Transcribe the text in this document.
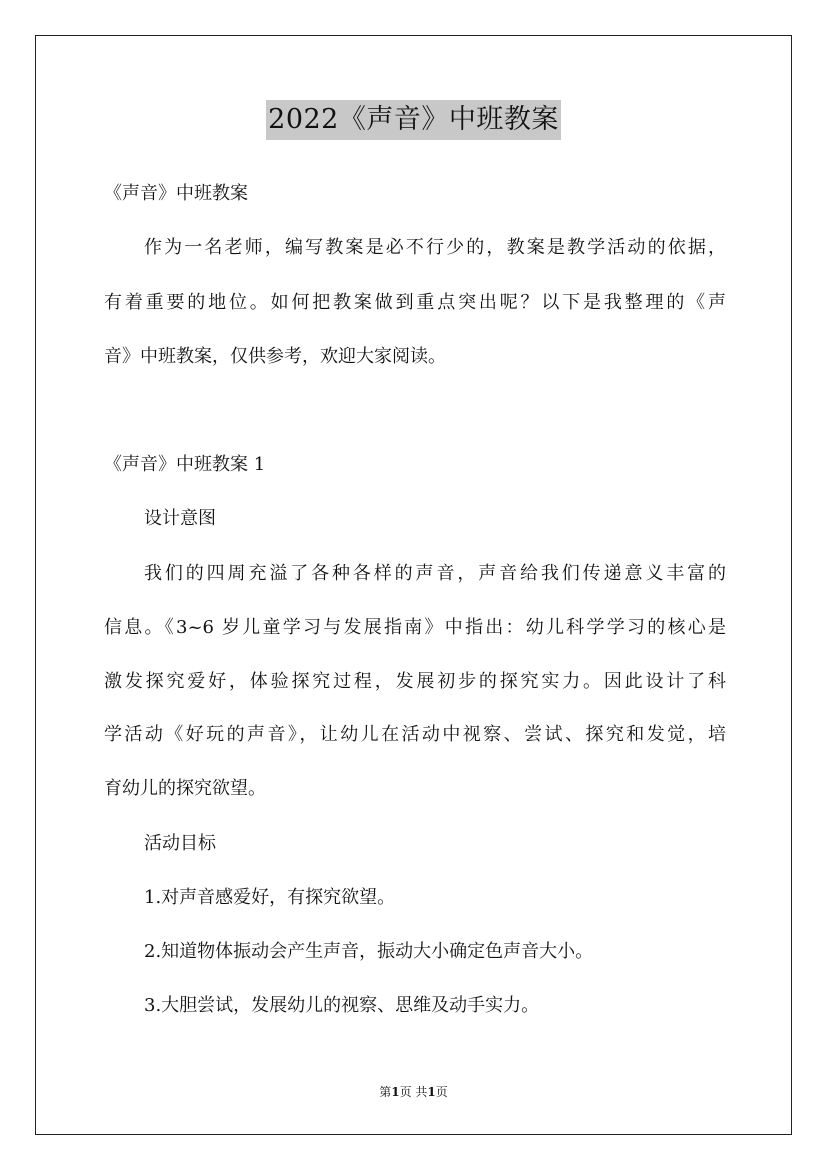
2022《声音》中班教案
《声音》中班教案
作为一名老师，编写教案是必不行少的，教案是教学活动的依据，
有着重要的地位。如何把教案做到重点突出呢？以下是我整理的《声
音》中班教案，仅供参考，欢迎大家阅读。
《声音》中班教案 1
设计意图
我们的四周充溢了各种各样的声音，声音给我们传递意义丰富的
信息。《3~6 岁儿童学习与发展指南》中指出：幼儿科学学习的核心是
激发探究爱好，体验探究过程，发展初步的探究实力。因此设计了科
学活动《好玩的声音》，让幼儿在活动中视察、尝试、探究和发觉，培
育幼儿的探究欲望。
活动目标
1.对声音感爱好，有探究欲望。
2.知道物体振动会产生声音，振动大小确定色声音大小。
3.大胆尝试，发展幼儿的视察、思维及动手实力。
第1页 共1页
